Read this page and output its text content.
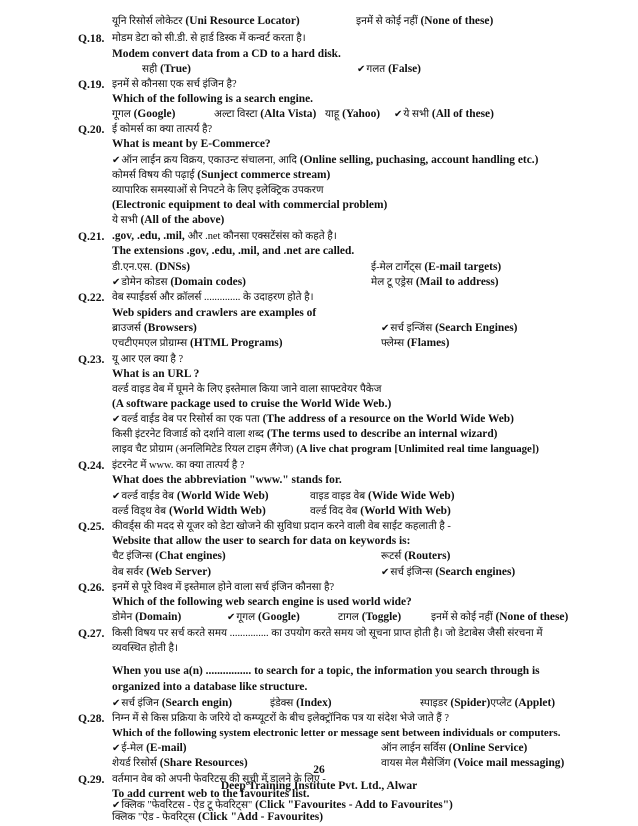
यूनि रिसोर्स लोकेटर (Uni Resource Locator)	इनमें से कोई नहीं (None of these)
Q.18. मोडम डेटा को सी.डी. से हार्ड डिस्क में कन्वर्ट करता है।
Modem convert data from a CD to a hard disk.
सही (True)	✔गलत (False)
Q.19. इनमें से कौनसा एक सर्च इंजिन है?
Which of the following is a search engine.
गूगल (Google)	अल्टा विस्टा (Alta Vista) याहू (Yahoo) ✔ये सभी (All of these)
Q.20. ई कोमर्स का क्या तात्पर्य है?
What is meant by E-Commerce?
✔ऑन लाईन क्रय विक्रय, एकाउन्ट संचालना, आदि (Online selling, puchasing, account handling etc.)
कोमर्स विषय की पढ़ाई (Sunject commerce stream)
व्यापारिक समस्याओं से निपटने के लिए इलेक्ट्रिक उपकरण
(Electronic equipment to deal with commercial problem)
ये सभी (All of the above)
Q.21. .gov, .edu, .mil, और .net कौनसा एक्सटेंसंस को कहते है।
The extensions .gov, .edu, .mil, and .net are called.
डी.एन.एस. (DNSs)	ई-मेल टार्गेट्स (E-mail targets)
✔डोमेन कोडस (Domain codes)	मेल टू एड्रेस (Mail to address)
Q.22. वेब स्पाईडर्स और क्रॉलर्स .............. के उदाहरण होते है।
Web spiders and crawlers are examples of
ब्राउजर्स (Browsers)	✔सर्च इन्जिंस (Search Engines)
एचटीएमएल प्रोग्राम्स (HTML Programs)	फ्लेम्स (Flames)
Q.23. यू आर एल क्या है ?
What is an URL ?
वर्ल्ड वाइड वेब में घूमने के लिए इस्तेमाल किया जाने वाला साफ्टवेयर पैकेज
(A software package used to cruise the World Wide Web.)
✔वर्ल्ड वाईड वेब पर रिसोर्स का एक पता (The address of a resource on the World Wide Web)
किसी इंटरनेट विजार्ड को दर्शाने वाला शब्द (The terms used to describe an internal wizard)
लाइव चैट प्रोग्राम (अनलिमिटेड रियल टाइम लैंगेज) (A live chat program [Unlimited real time language])
Q.24. इंटरनेट में www. का क्या तात्पर्य है ?
What does the abbreviation "www." stands for.
✔वर्ल्ड वाईड वेब (World Wide Web)	वाइड वाइड वेब (Wide Wide Web)
वर्ल्ड विड्थ वेब (World Width Web)	वर्ल्ड विद वेब (World With Web)
Q.25. कीवर्ड्स की मदद से यूजर को डेटा खोजने की सुविधा प्रदान करने वाली वेब साईट कहलाती है -
Website that allow the user to search for data on keywords is:
चैट इंजिन्स (Chat engines)	रूटर्स (Routers)
वेब सर्वर (Web Server)	✔सर्च इंजिन्स (Search engines)
Q.26. इनमें से पूरे विश्व में इस्तेमाल होने वाला सर्च इंजिन कौनसा है?
Which of the following web search engine is used world wide?
डोमेन (Domain)	✔गूगल (Google)	टागल (Toggle)	इनमें से कोई नहीं (None of these)
Q.27. किसी विषय पर सर्च करते समय ............... का उपयोग करते समय जो सूचना प्राप्त होती है। जो डेटाबेस जैसी संरचना में
व्यवस्थित होती है।
When you use a(n) ................ to search for a topic, the information you search through is
organized into a database like structure.
✔सर्च इंजिन (Search engin)	इंडेक्स (Index)	स्पाइडर (Spider)एप्लेट (Applet)
Q.28. निम्न में से किस प्रक्रिया के जरिये दो कम्प्यूटरों के बीच इलेक्ट्रॉनिक पत्र या संदेश भेजे जाते हैं ?
Which of the following system electronic letter or message sent between individuals or computers.
✔ई-मेल (E-mail)	ऑन लाईन सर्विस (Online Service)
शेयर्ड रिसोर्स (Share Resources)	वायस मेल मैसेजिंग (Voice mail messaging)
Q.29. वर्तमान वेब को अपनी फेवरिटस की सूची में डालने के लिए -
To add current web to the favourites list.
✔क्लिक "फेवरिटस - ऐड टू फेवरिट्स" (Click "Favourites - Add to Favourites")
क्लिक "ऐड - फेवरिट्स (Click "Add - Favourites)
26
Deep Training Institute Pvt. Ltd., Alwar
